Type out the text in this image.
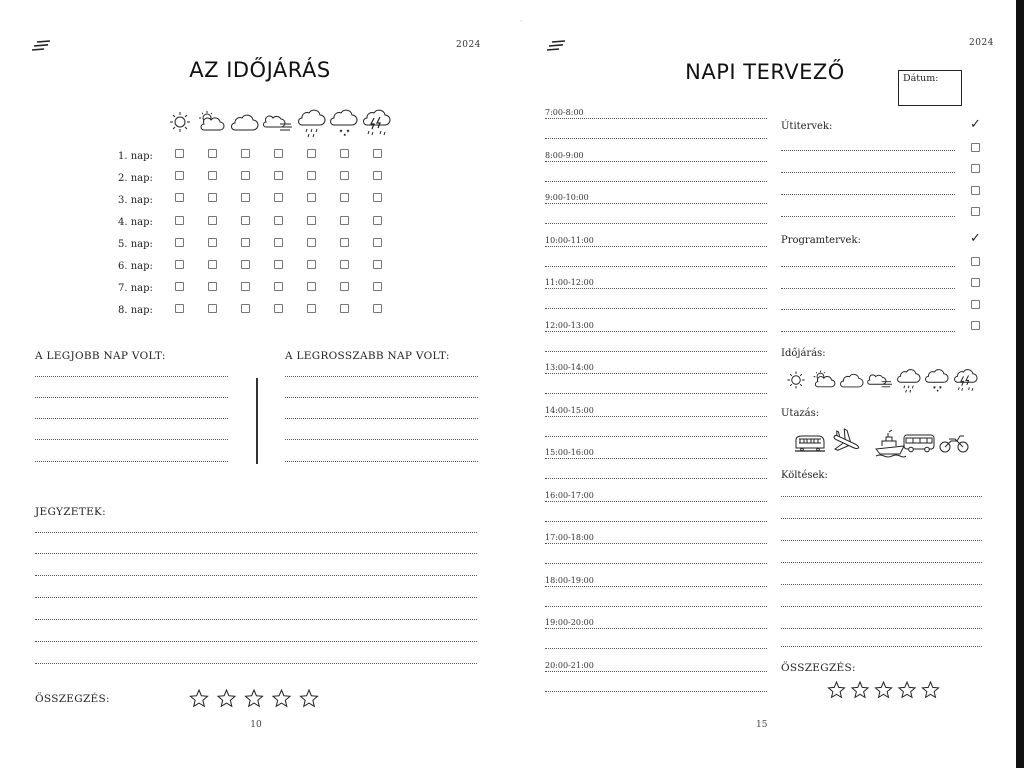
2024
AZ IDŐJÁRÁS
1. nap:
2. nap:
3. nap:
4. nap:
5. nap:
6. nap:
7. nap:
8. nap:
A LEGJOBB NAP VOLT:	A LEGROSSZABB NAP VOLT:
JEGYZETEK:
ÖSSZEGZÉS:
10
2024
NAPI TERVEZŐ	Dátum:
7:00-8:00
8:00-9:00
9:00-10:00
10:00-11:00
11:00-12:00
12:00-13:00
13:00-14:00
14:00-15:00
15:00-16:00
16:00-17:00
17:00-18:00
18:00-19:00
19:00-20:00
20:00-21:00
Útitervek:	✓
Programtervek:	✓
Időjárás:
Utazás:
Költések:
ÖSSZEGZÉS:
15
